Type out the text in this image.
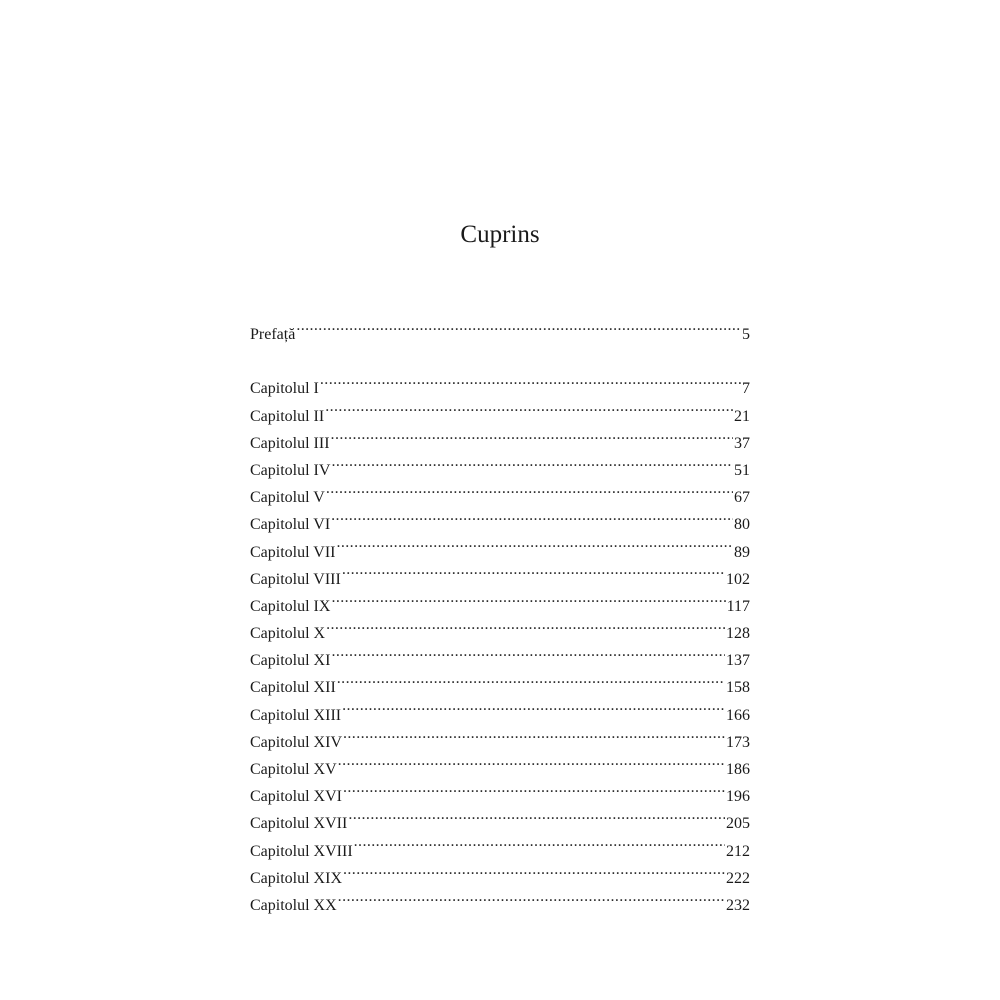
Cuprins
Prefață .....	5
Capitolul I .....	7
Capitolul II .....	21
Capitolul III .....	37
Capitolul IV .....	51
Capitolul V .....	67
Capitolul VI .....	80
Capitolul VII .....	89
Capitolul VIII .....	102
Capitolul IX .....	117
Capitolul X .....	128
Capitolul XI .....	137
Capitolul XII .....	158
Capitolul XIII .....	166
Capitolul XIV .....	173
Capitolul XV .....	186
Capitolul XVI .....	196
Capitolul XVII .....	205
Capitolul XVIII .....	212
Capitolul XIX .....	222
Capitolul XX .....	232
